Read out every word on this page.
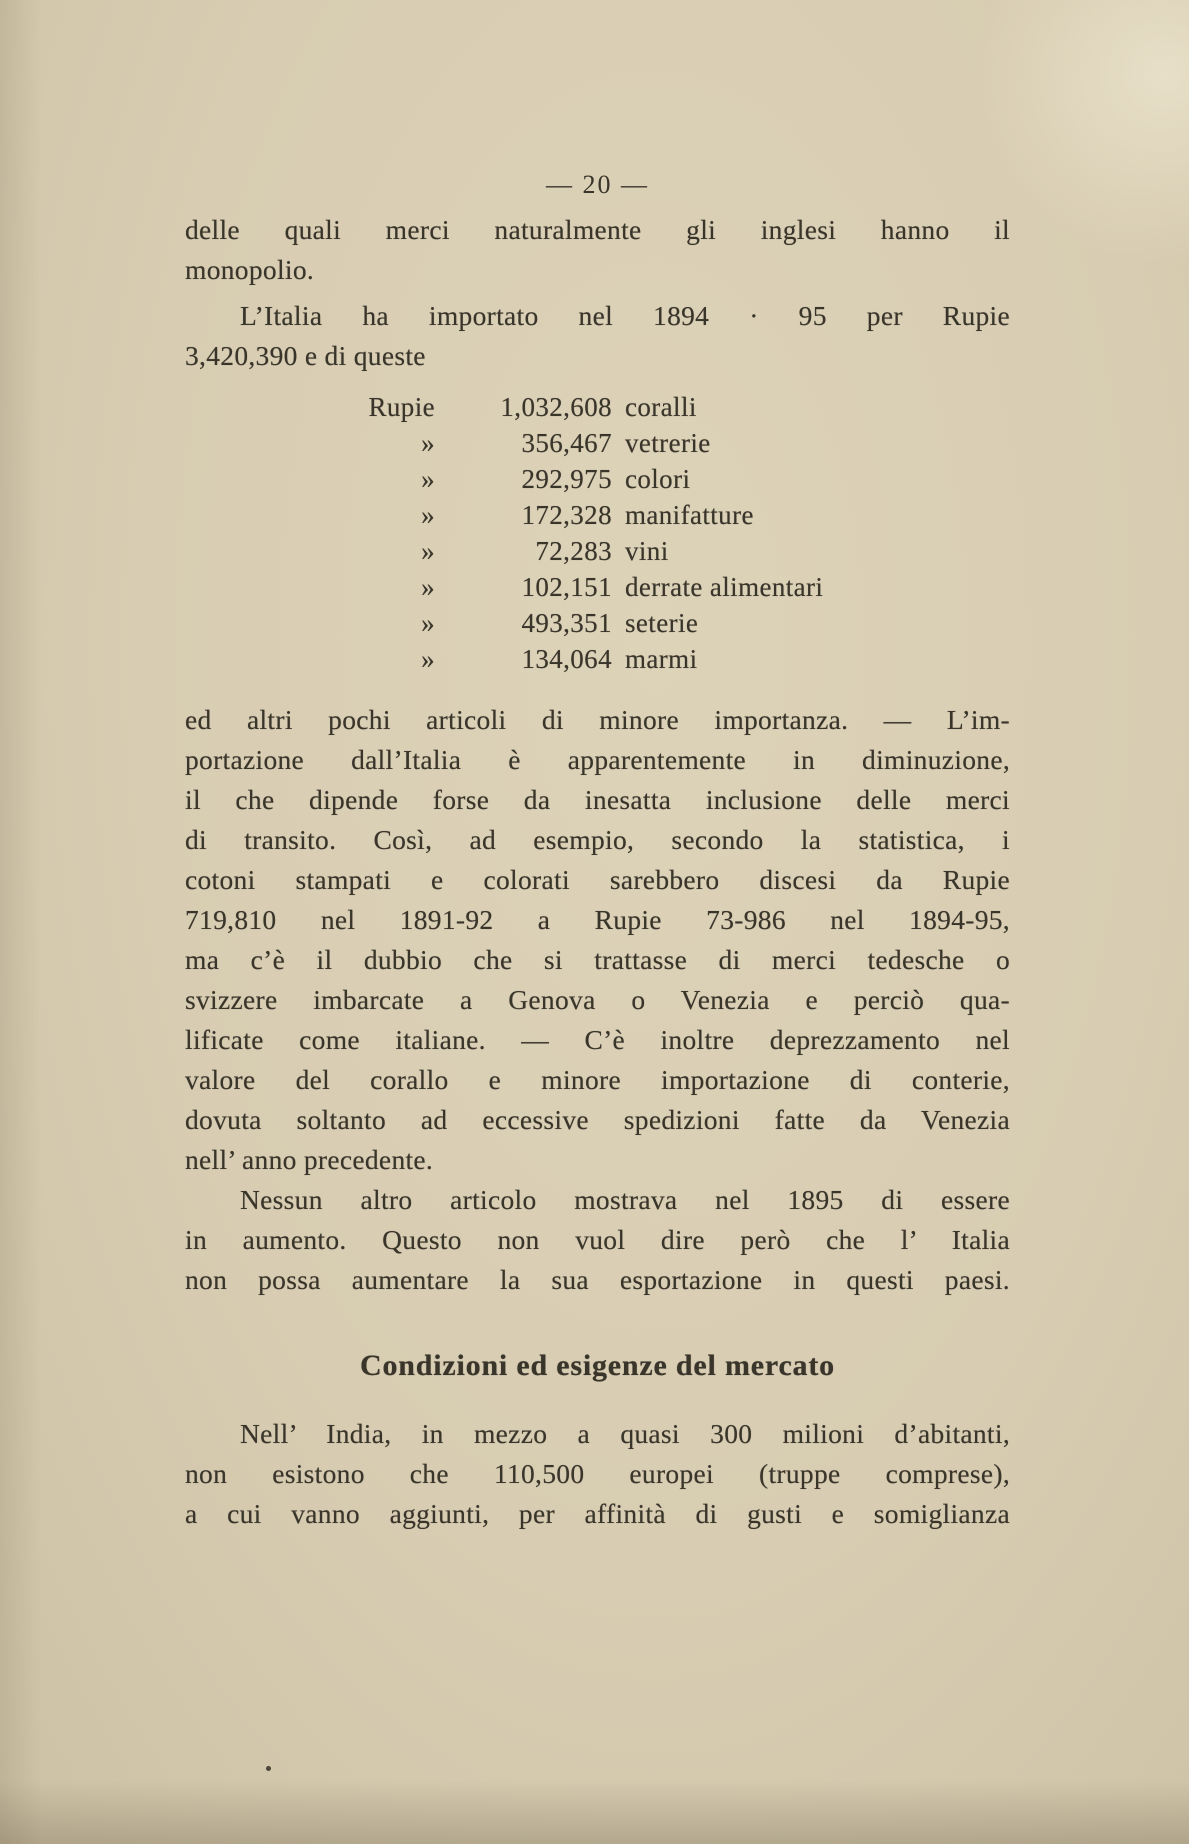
— 20 —
delle quali merci naturalmente gli inglesi hanno il
monopolio.
L’Italia ha importato nel 1894 · 95 per Rupie
3,420,390 e di queste
Rupie	1,032,608 coralli
»	356,467 vetrerie
»	292,975 colori
»	172,328 manifatture
»	72,283 vini
»	102,151 derrate alimentari
»	493,351 seterie
»	134,064 marmi
ed altri pochi articoli di minore importanza. — L’im-
portazione dall’Italia è apparentemente in diminuzione,
il che dipende forse da inesatta inclusione delle merci
di transito. Così, ad esempio, secondo la statistica, i
cotoni stampati e colorati sarebbero discesi da Rupie
719,810 nel 1891-92 a Rupie 73-986 nel 1894-95,
ma c’è il dubbio che si trattasse di merci tedesche o
svizzere imbarcate a Genova o Venezia e perciò qua-
lificate come italiane. — C’è inoltre deprezzamento nel
valore del corallo e minore importazione di conterie,
dovuta soltanto ad eccessive spedizioni fatte da Venezia
nell’ anno precedente.
Nessun altro articolo mostrava nel 1895 di essere
in aumento. Questo non vuol dire però che l’ Italia
non possa aumentare la sua esportazione in questi paesi.
Condizioni ed esigenze del mercato
Nell’ India, in mezzo a quasi 300 milioni d’abitanti,
non esistono che 110,500 europei (truppe comprese),
a cui vanno aggiunti, per affinità di gusti e somiglianza
